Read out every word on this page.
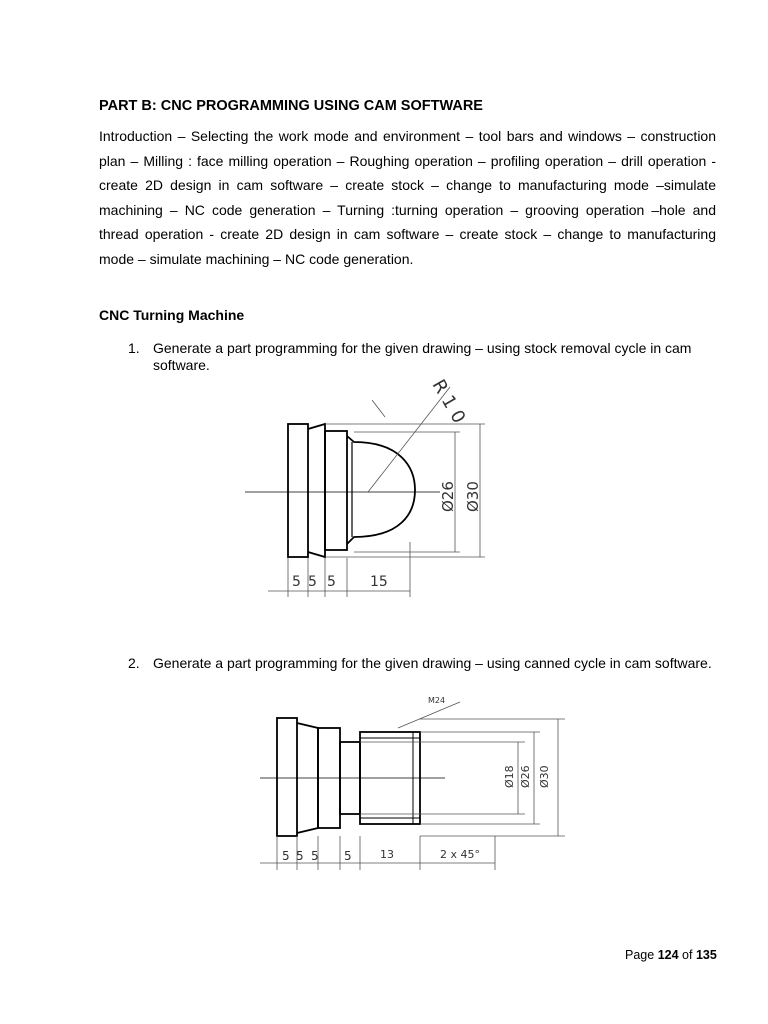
PART B: CNC PROGRAMMING USING CAM SOFTWARE

Introduction – Selecting the work mode and environment – tool bars and windows – construction plan – Milling : face milling operation – Roughing operation – profiling operation – drill operation - create 2D design in cam software – create stock – change to manufacturing mode –simulate machining – NC code generation – Turning :turning operation – grooving operation –hole and thread operation - create 2D design in cam software – create stock – change to manufacturing mode – simulate machining – NC code generation.

CNC Turning Machine
1. Generate a part programming for the given drawing – using stock removal cycle in cam software.
R 1 0
Ø26 Ø30
5 5 5 15
2. Generate a part programming for the given drawing – using canned cycle in cam software.
M24
Ø18 Ø26 Ø30
5 5 5 5	13	2 x 45°

Page 124 of 135
